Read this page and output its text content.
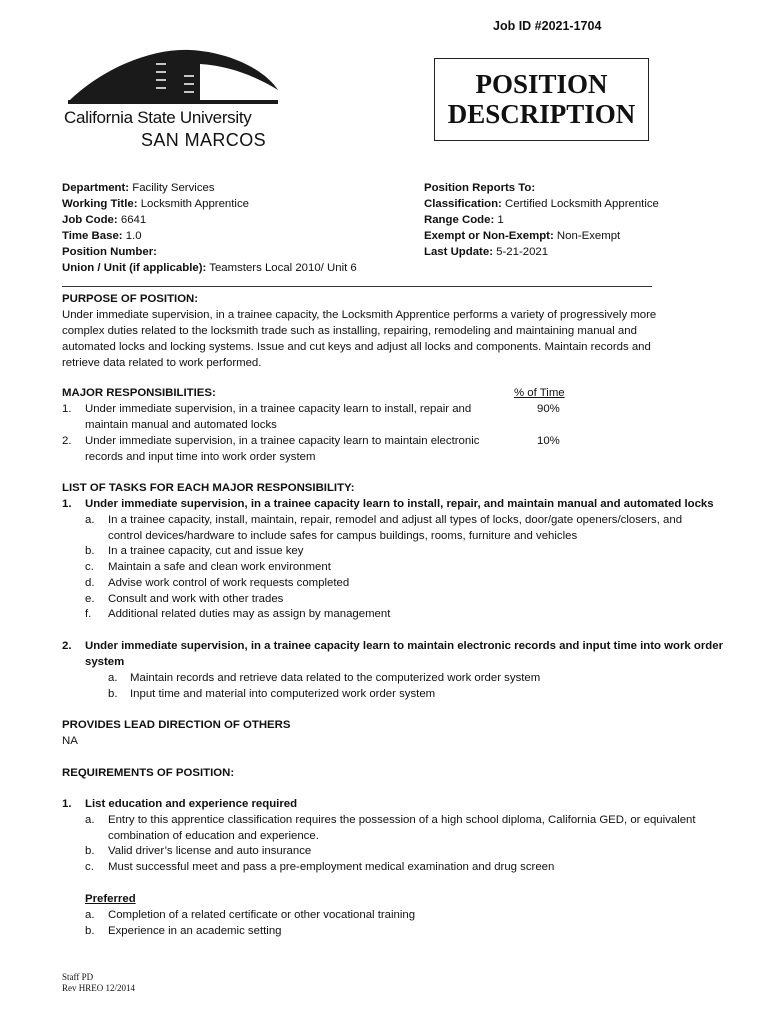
Job ID #2021-1704
California State University
SAN MARCOS
POSITION
DESCRIPTION
Department: Facility Services
Working Title: Locksmith Apprentice
Job Code: 6641
Time Base: 1.0
Position Number:
Union / Unit (if applicable): Teamsters Local 2010/ Unit 6
Position Reports To:
Classification: Certified Locksmith Apprentice
Range Code: 1
Exempt or Non-Exempt: Non-Exempt
Last Update: 5-21-2021
PURPOSE OF POSITION:
Under immediate supervision, in a trainee capacity, the Locksmith Apprentice performs a variety of progressively more
complex duties related to the locksmith trade such as installing, repairing, remodeling and maintaining manual and
automated locks and locking systems. Issue and cut keys and adjust all locks and components. Maintain records and
retrieve data related to work performed.
MAJOR RESPONSIBILITIES:	% of Time
1. Under immediate supervision, in a trainee capacity learn to install, repair and
maintain manual and automated locks
90%
2. Under immediate supervision, in a trainee capacity learn to maintain electronic
records and input time into work order system
10%
LIST OF TASKS FOR EACH MAJOR RESPONSIBILITY:
1. Under immediate supervision, in a trainee capacity learn to install, repair, and maintain manual and automated locks
a. In a trainee capacity, install, maintain, repair, remodel and adjust all types of locks, door/gate openers/closers, and
control devices/hardware to include safes for campus buildings, rooms, furniture and vehicles
b. In a trainee capacity, cut and issue key
c. Maintain a safe and clean work environment
d. Advise work control of work requests completed
e. Consult and work with other trades
f. Additional related duties may as assign by management
2. Under immediate supervision, in a trainee capacity learn to maintain electronic records and input time into work order
system
a. Maintain records and retrieve data related to the computerized work order system
b. Input time and material into computerized work order system
PROVIDES LEAD DIRECTION OF OTHERS
NA
REQUIREMENTS OF POSITION:
1. List education and experience required
a. Entry to this apprentice classification requires the possession of a high school diploma, California GED, or equivalent
combination of education and experience.
b. Valid driver’s license and auto insurance
c. Must successful meet and pass a pre-employment medical examination and drug screen
Preferred
a. Completion of a related certificate or other vocational training
b. Experience in an academic setting
Staff PD
Rev HREO 12/2014
